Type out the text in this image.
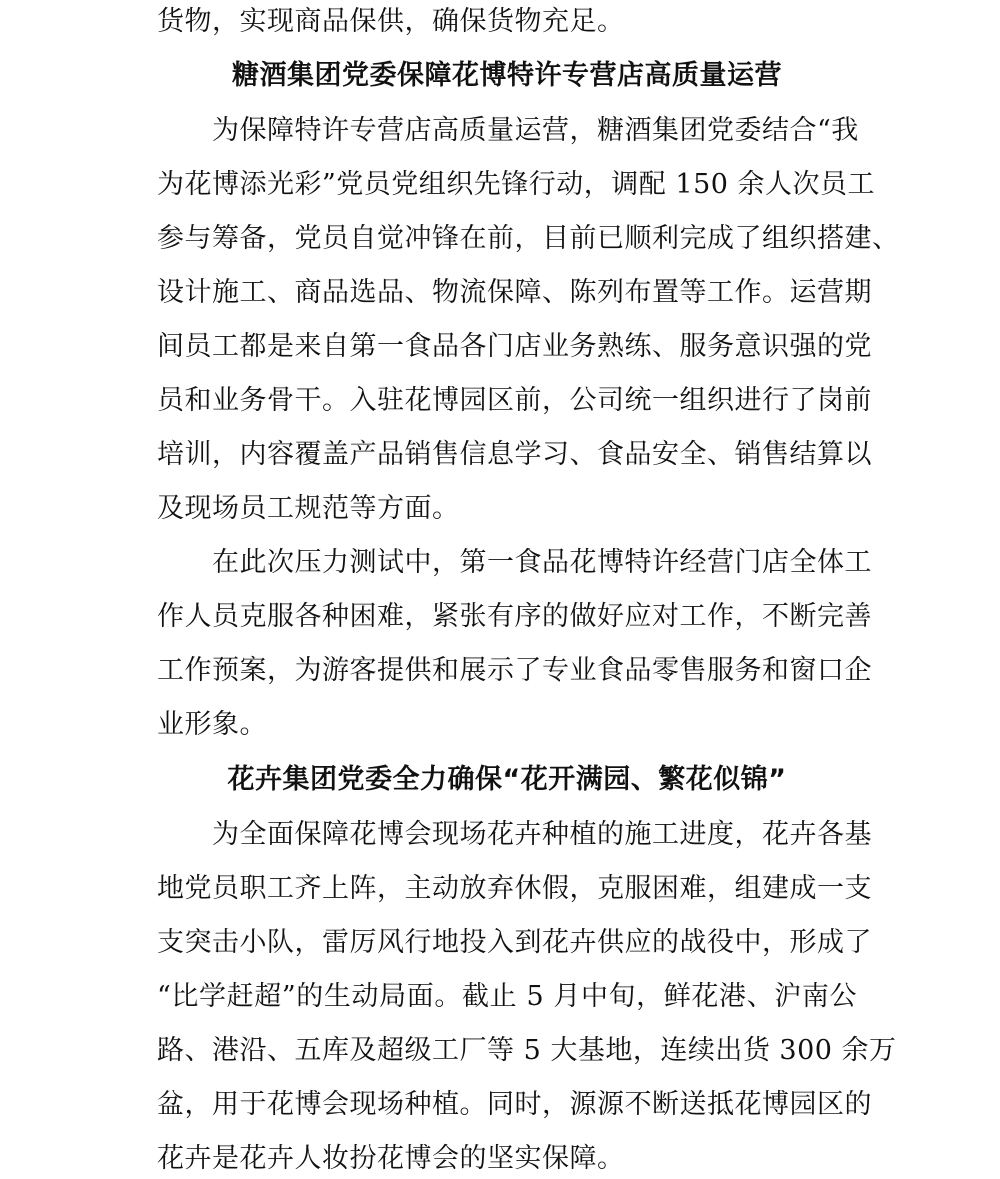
货物，实现商品保供，确保货物充足。
糖酒集团党委保障花博特许专营店高质量运营
为保障特许专营店高质量运营，糖酒集团党委结合“我
为花博添光彩”党员党组织先锋行动，调配 150 余人次员工
参与筹备，党员自觉冲锋在前，目前已顺利完成了组织搭建、
设计施工、商品选品、物流保障、陈列布置等工作。运营期
间员工都是来自第一食品各门店业务熟练、服务意识强的党
员和业务骨干。入驻花博园区前，公司统一组织进行了岗前
培训，内容覆盖产品销售信息学习、食品安全、销售结算以
及现场员工规范等方面。
在此次压力测试中，第一食品花博特许经营门店全体工
作人员克服各种困难，紧张有序的做好应对工作，不断完善
工作预案，为游客提供和展示了专业食品零售服务和窗口企
业形象。
花卉集团党委全力确保“花开满园、繁花似锦”
为全面保障花博会现场花卉种植的施工进度，花卉各基
地党员职工齐上阵，主动放弃休假，克服困难，组建成一支
支突击小队，雷厉风行地投入到花卉供应的战役中，形成了
“比学赶超”的生动局面。截止 5 月中旬，鲜花港、沪南公
路、港沿、五库及超级工厂等 5 大基地，连续出货 300 余万
盆，用于花博会现场种植。同时，源源不断送抵花博园区的
花卉是花卉人妆扮花博会的坚实保障。
